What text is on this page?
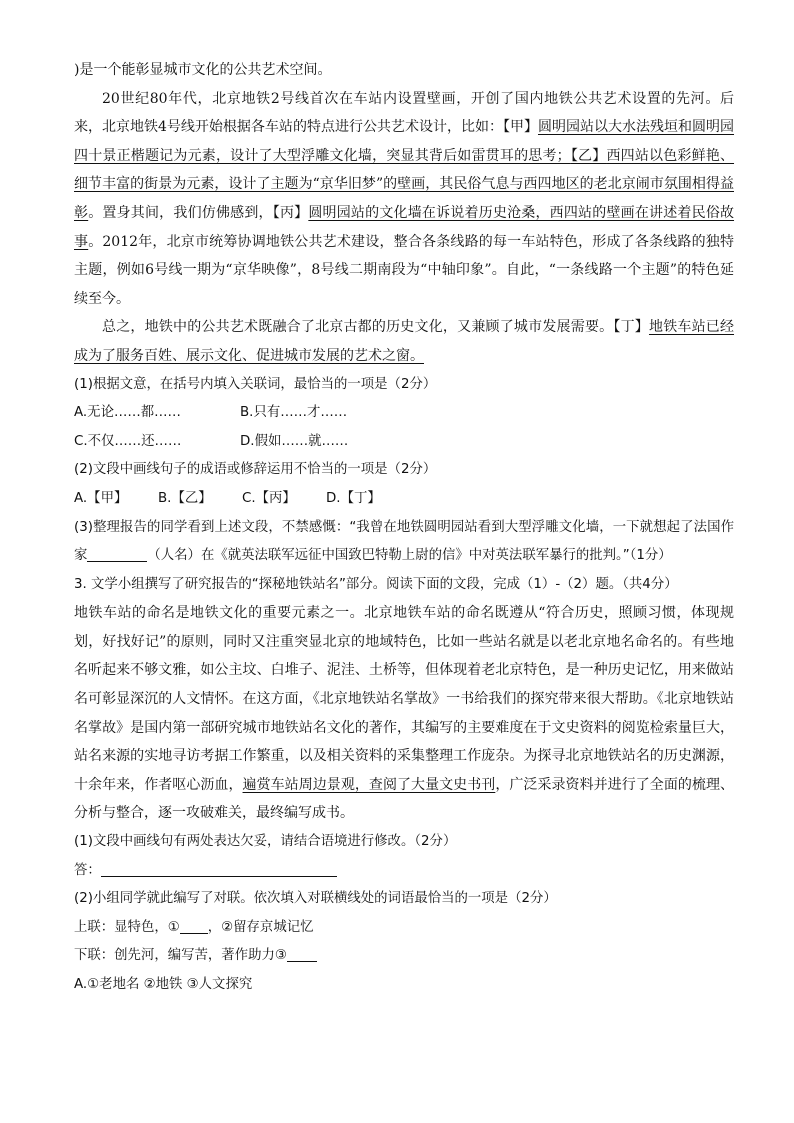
)是一个能彰显城市文化的公共艺术空间。

20世纪80年代，北京地铁2号线首次在车站内设置壁画，开创了国内地铁公共艺术设置的先河。后来，北京地铁4号线开始根据各车站的特点进行公共艺术设计，比如：【甲】圆明园站以大水法残垣和圆明园四十景正楷题记为元素，设计了大型浮雕文化墙，突显其背后如雷贯耳的思考；【乙】西四站以色彩鲜艳、细节丰富的街景为元素，设计了主题为“京华旧梦”的壁画，其民俗气息与西四地区的老北京闹市氛围相得益彰。置身其间，我们仿佛感到，【丙】圆明园站的文化墙在诉说着历史沧桑，西四站的壁画在讲述着民俗故事。2012年，北京市统筹协调地铁公共艺术建设，整合各条线路的每一车站特色，形成了各条线路的独特主题，例如6号线一期为“京华映像”，8号线二期南段为“中轴印象”。自此，“一条线路一个主题”的特色延续至今。

总之，地铁中的公共艺术既融合了北京古都的历史文化，又兼顾了城市发展需要。【丁】地铁车站已经成为了服务百姓、展示文化、促进城市发展的艺术之窗。

(1)根据文意，在括号内填入关联词，最恰当的一项是（2分）

A.无论……都……	B.只有……才……
C.不仅……还……	D.假如……就……

(2)文段中画线句子的成语或修辞运用不恰当的一项是（2分）

A.【甲】	B.【乙】	C.【丙】	D.【丁】

(3)整理报告的同学看到上述文段，不禁感慨：“我曾在地铁圆明园站看到大型浮雕文化墙，一下就想起了法国作家	（人名）在《就英法联军远征中国致巴特勒上尉的信》中对英法联军暴行的批判。”（1分）

3. 文学小组撰写了研究报告的“探秘地铁站名”部分。阅读下面的文段，完成（1）-（2）题。（共4分）

地铁车站的命名是地铁文化的重要元素之一。北京地铁车站的命名既遵从“符合历史，照顾习惯，体现规划，好找好记”的原则，同时又注重突显北京的地域特色，比如一些站名就是以老北京地名命名的。有些地名听起来不够文雅，如公主坟、白堆子、泥洼、土桥等，但体现着老北京特色，是一种历史记忆，用来做站名可彰显深沉的人文情怀。在这方面，《北京地铁站名掌故》一书给我们的探究带来很大帮助。《北京地铁站名掌故》是国内第一部研究城市地铁站名文化的著作，其编写的主要难度在于文史资料的阅览检索量巨大，站名来源的实地寻访考据工作繁重，以及相关资料的采集整理工作庞杂。为探寻北京地铁站名的历史渊源，十余年来，作者呕心沥血，遍赏车站周边景观，查阅了大量文史书刊，广泛采录资料并进行了全面的梳理、分析与整合，逐一攻破难关，最终编写成书。

(1)文段中画线句有两处表达欠妥，请结合语境进行修改。（2分）

答：

(2)小组同学就此编写了对联。依次填入对联横线处的词语最恰当的一项是（2分）

上联：显特色，① ，②留存京城记忆

下联：创先河，编写苦，著作助力③

A.①老地名 ②地铁 ③人文探究
